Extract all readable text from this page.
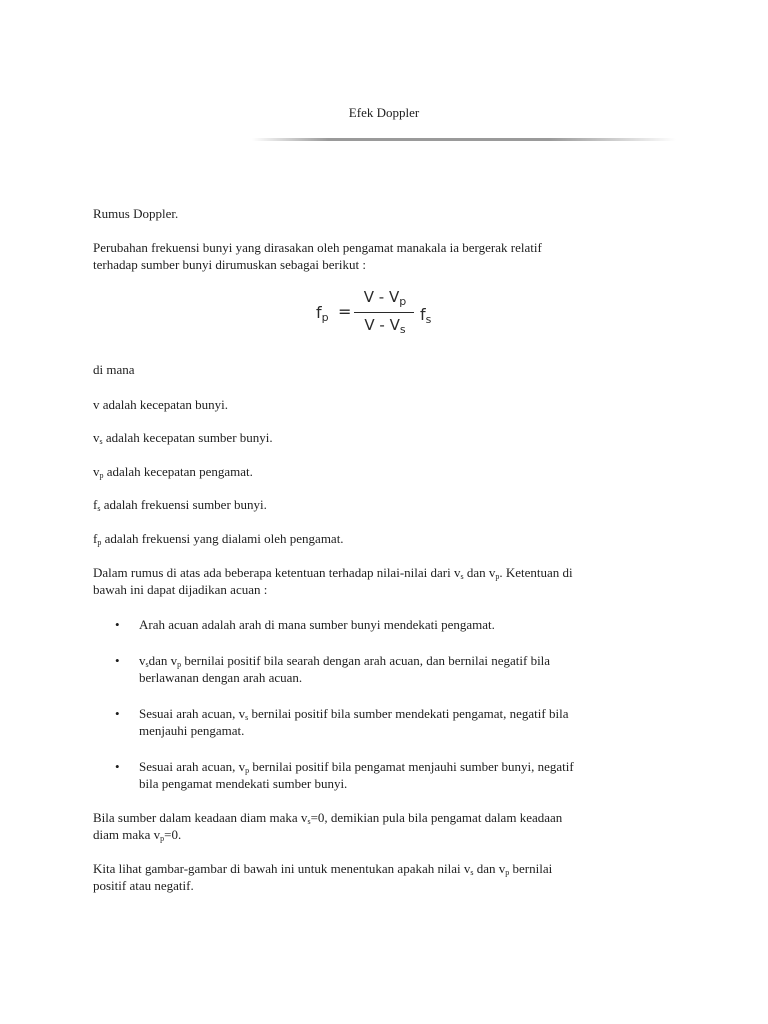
Efek Doppler

Rumus Doppler.

Perubahan frekuensi bunyi yang dirasakan oleh pengamat manakala ia bergerak relatif
terhadap sumber bunyi dirumuskan sebagai berikut :

$f_p$ =
V - $V_p$
V - $V_s$
$f_s$

di mana

v adalah kecepatan bunyi.

$v_s$ adalah kecepatan sumber bunyi.

$v_p$ adalah kecepatan pengamat.

$f_s$ adalah frekuensi sumber bunyi.

$f_p$ adalah frekuensi yang dialami oleh pengamat.

Dalam rumus di atas ada beberapa ketentuan terhadap nilai-nilai dari $v_s$ dan $v_p$. Ketentuan di
bawah ini dapat dijadikan acuan :

• Arah acuan adalah arah di mana sumber bunyi mendekati pengamat.
• $v_sdan$ $v_p$ bernilai positif bila searah dengan arah acuan, dan bernilai negatif bila
berlawanan dengan arah acuan.
• Sesuai arah acuan, $v_s$ bernilai positif bila sumber mendekati pengamat, negatif bila
menjauhi pengamat.
• Sesuai arah acuan, $v_p$ bernilai positif bila pengamat menjauhi sumber bunyi, negatif
bila pengamat mendekati sumber bunyi.

Bila sumber dalam keadaan diam maka $v_s=0$, demikian pula bila pengamat dalam keadaan
diam maka $v_p=0$.

Kita lihat gambar-gambar di bawah ini untuk menentukan apakah nilai $v_s$ dan $v_p$ bernilai
positif atau negatif.
